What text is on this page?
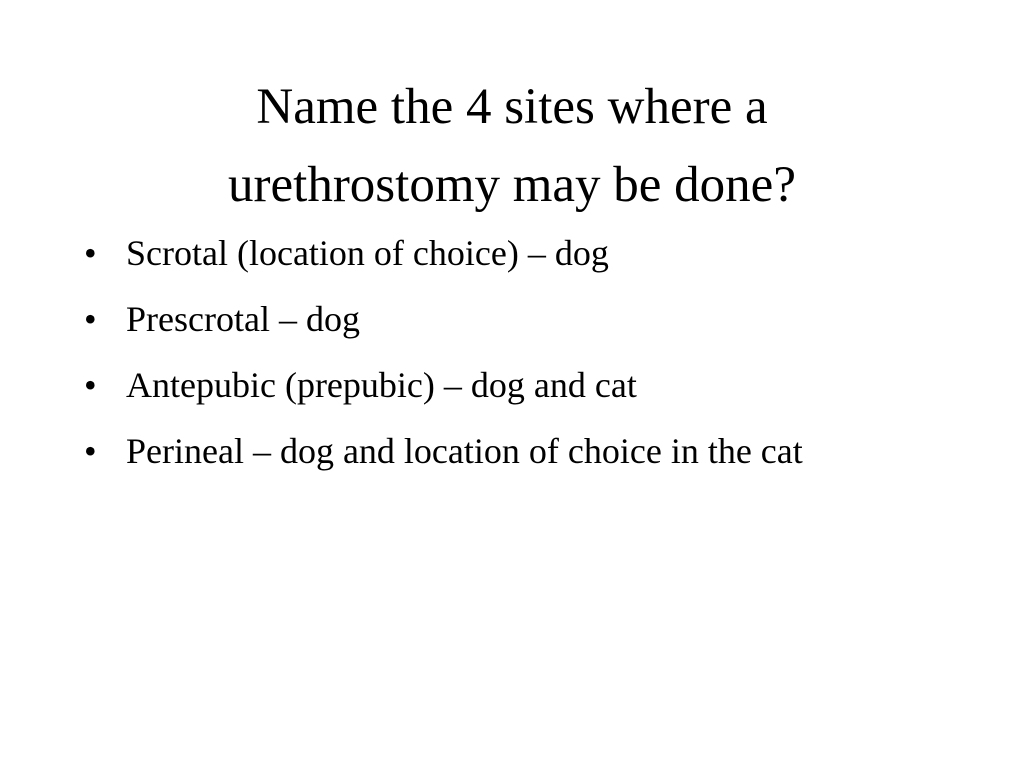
Name the 4 sites where a
urethrostomy may be done?
• Scrotal (location of choice) – dog
• Prescrotal – dog
• Antepubic (prepubic) – dog and cat
• Perineal – dog and location of choice in the cat
